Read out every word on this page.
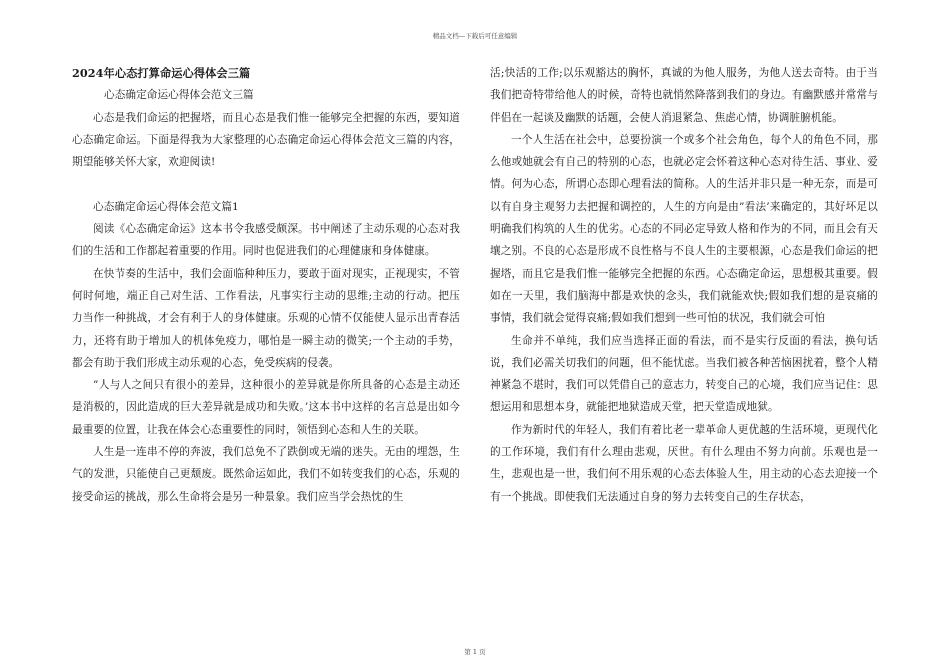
精品文档—下载后可任意编辑

2024年心态打算命运心得体会三篇

心态确定命运心得体会范文三篇

心态是我们命运的把握塔，而且心态是我们惟一能够完全把握的东西，要知道心态确定命运。下面是得我为大家整理的心态确定命运心得体会范文三篇的内容，期望能够关怀大家，欢迎阅读!

心态确定命运心得体会范文篇1

阅读《心态确定命运》这本书令我感受颇深。书中阐述了主动乐观的心态对我们的生活和工作都起着重要的作用。同时也促进我们的心理健康和身体健康。

在快节奏的生活中，我们会面临种种压力，要敢于面对现实，正视现实，不管何时何地，端正自己对生活、工作看法，凡事实行主动的思维;主动的行动。把压力当作一种挑战，才会有利于人的身体健康。乐观的心情不仅能使人显示出青春活力，还将有助于增加人的机体免疫力，哪怕是一瞬主动的微笑;一个主动的手势，都会有助于我们形成主动乐观的心态，免受疾病的侵袭。

”人与人之间只有很小的差异，这种很小的差异就是你所具备的心态是主动还是消极的，因此造成的巨大差异就是成功和失败。’这本书中这样的名言总是出如今最重要的位置，让我在体会心态重要性的同时，领悟到心态和人生的关联。

人生是一连串不停的奔波，我们总免不了跌倒或无端的迷失。无由的埋怨，生气的发泄，只能使自己更颓废。既然命运如此，我们不如转变我们的心态，乐观的接受命运的挑战，那么生命将会是另一种景象。我们应当学会热忱的生

活;快活的工作;以乐观豁达的胸怀，真诚的为他人服务，为他人送去奇特。由于当我们把奇特带给他人的时候，奇特也就悄然降落到我们的身边。有幽默感并常常与伴侣在一起谈及幽默的话题，会使人消退紧急、焦虑心情，协调脏腑机能。

一个人生活在社会中，总要扮演一个或多个社会角色，每个人的角色不同，那么他或她就会有自己的特别的心态，也就必定会怀着这种心态对待生活、事业、爱情。何为心态，所谓心态即心理看法的简称。人的生活并非只是一种无奈，而是可以有自身主观努力去把握和调控的，人生的方向是由”看法’来确定的，其好坏足以明确我们构筑的人生的优劣。心态的不同必定导致人格和作为的不同，而且会有天壤之别。不良的心态是形成不良性格与不良人生的主要根源，心态是我们命运的把握塔，而且它是我们惟一能够完全把握的东西。心态确定命运，思想极其重要。假如在一天里，我们脑海中都是欢快的念头，我们就能欢快;假如我们想的是哀痛的事情，我们就会觉得哀痛;假如我们想到一些可怕的状况，我们就会可怕

生命并不单纯，我们应当选择正面的看法，而不是实行反面的看法，换句话说，我们必需关切我们的问题，但不能忧虑。当我们被各种苦恼困扰着，整个人精神紧急不堪时，我们可以凭借自己的意志力，转变自己的心境，我们应当记住：思想运用和思想本身，就能把地狱造成天堂，把天堂造成地狱。

作为新时代的年轻人，我们有着比老一辈革命人更优越的生活环境，更现代化的工作环境，我们有什么理由悲观，厌世。有什么理由不努力向前。乐观也是一生，悲观也是一世，我们何不用乐观的心态去体验人生，用主动的心态去迎接一个有一个挑战。即使我们无法通过自身的努力去转变自己的生存状态，

第 1 页
